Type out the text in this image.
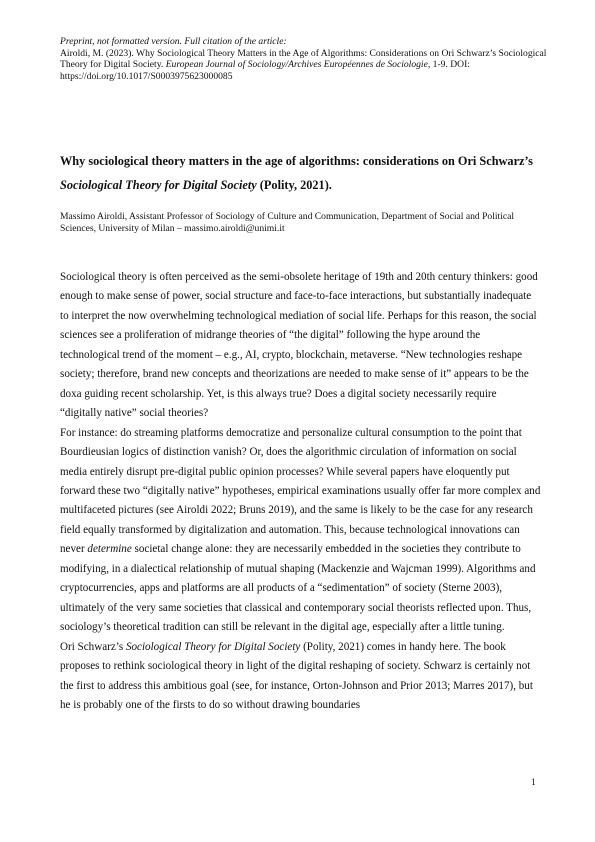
Preprint, not formatted version. Full citation of the article:
Airoldi, M. (2023). Why Sociological Theory Matters in the Age of Algorithms: Considerations on Ori Schwarz’s Sociological Theory for Digital Society. European Journal of Sociology/Archives Européennes de Sociologie, 1-9. DOI: https://doi.org/10.1017/S0003975623000085
Why sociological theory matters in the age of algorithms: considerations on Ori Schwarz’s Sociological Theory for Digital Society (Polity, 2021).
Massimo Airoldi, Assistant Professor of Sociology of Culture and Communication, Department of Social and Political Sciences, University of Milan – massimo.airoldi@unimi.it

Sociological theory is often perceived as the semi-obsolete heritage of 19th and 20th century thinkers: good enough to make sense of power, social structure and face-to-face interactions, but substantially inadequate to interpret the now overwhelming technological mediation of social life. Perhaps for this reason, the social sciences see a proliferation of midrange theories of “the digital” following the hype around the technological trend of the moment – e.g., AI, crypto, blockchain, metaverse. “New technologies reshape society; therefore, brand new concepts and theorizations are needed to make sense of it” appears to be the doxa guiding recent scholarship. Yet, is this always true? Does a digital society necessarily require “digitally native” social theories?

For instance: do streaming platforms democratize and personalize cultural consumption to the point that Bourdieusian logics of distinction vanish? Or, does the algorithmic circulation of information on social media entirely disrupt pre-digital public opinion processes? While several papers have eloquently put forward these two “digitally native” hypotheses, empirical examinations usually offer far more complex and multifaceted pictures (see Airoldi 2022; Bruns 2019), and the same is likely to be the case for any research field equally transformed by digitalization and automation. This, because technological innovations can never determine societal change alone: they are necessarily embedded in the societies they contribute to modifying, in a dialectical relationship of mutual shaping (Mackenzie and Wajcman 1999). Algorithms and cryptocurrencies, apps and platforms are all products of a “sedimentation” of society (Sterne 2003), ultimately of the very same societies that classical and contemporary social theorists reflected upon. Thus, sociology’s theoretical tradition can still be relevant in the digital age, especially after a little tuning.

Ori Schwarz’s Sociological Theory for Digital Society (Polity, 2021) comes in handy here. The book proposes to rethink sociological theory in light of the digital reshaping of society. Schwarz is certainly not the first to address this ambitious goal (see, for instance, Orton-Johnson and Prior 2013; Marres 2017), but he is probably one of the firsts to do so without drawing boundaries

1
